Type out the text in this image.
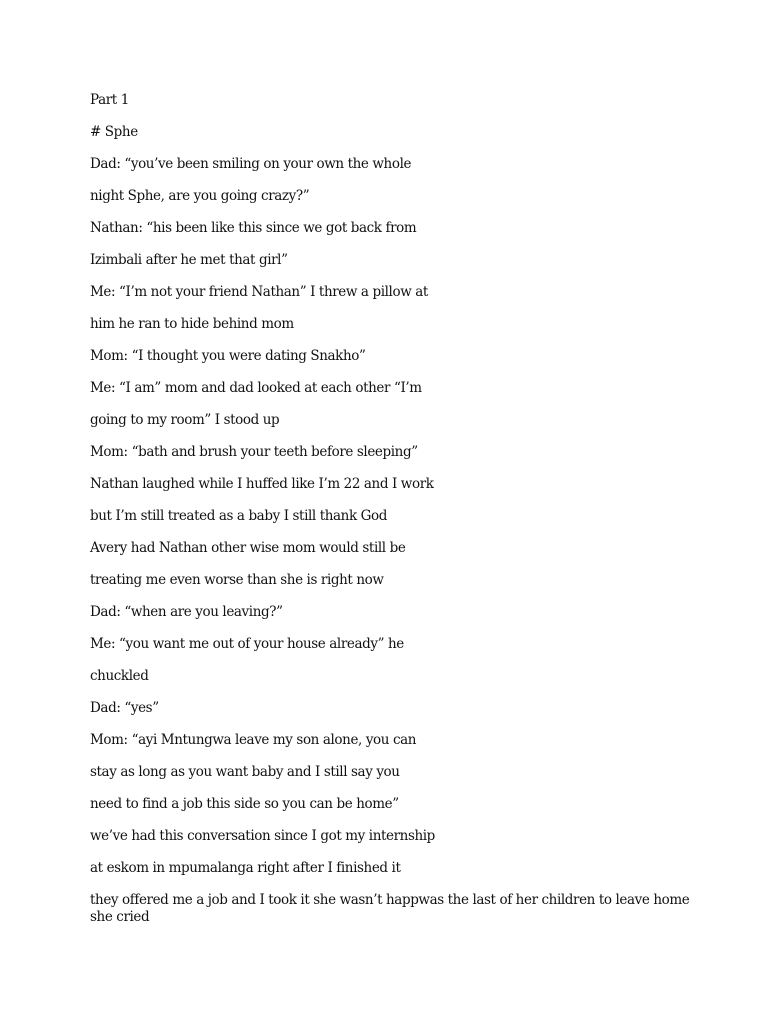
Part 1
# Sphe
Dad: “you’ve been smiling on your own the whole
night Sphe, are you going crazy?”
Nathan: “his been like this since we got back from
Izimbali after he met that girl”
Me: “I’m not your friend Nathan” I threw a pillow at
him he ran to hide behind mom
Mom: “I thought you were dating Snakho”
Me: “I am” mom and dad looked at each other “I’m
going to my room” I stood up
Mom: “bath and brush your teeth before sleeping”
Nathan laughed while I huffed like I’m 22 and I work
but I’m still treated as a baby I still thank God
Avery had Nathan other wise mom would still be
treating me even worse than she is right now
Dad: “when are you leaving?”
Me: “you want me out of your house already” he
chuckled
Dad: “yes”
Mom: “ayi Mntungwa leave my son alone, you can
stay as long as you want baby and I still say you
need to find a job this side so you can be home”
we’ve had this conversation since I got my internship
at eskom in mpumalanga right after I finished it
they offered me a job and I took it she wasn’t happwas the last of her children to leave home she cried
